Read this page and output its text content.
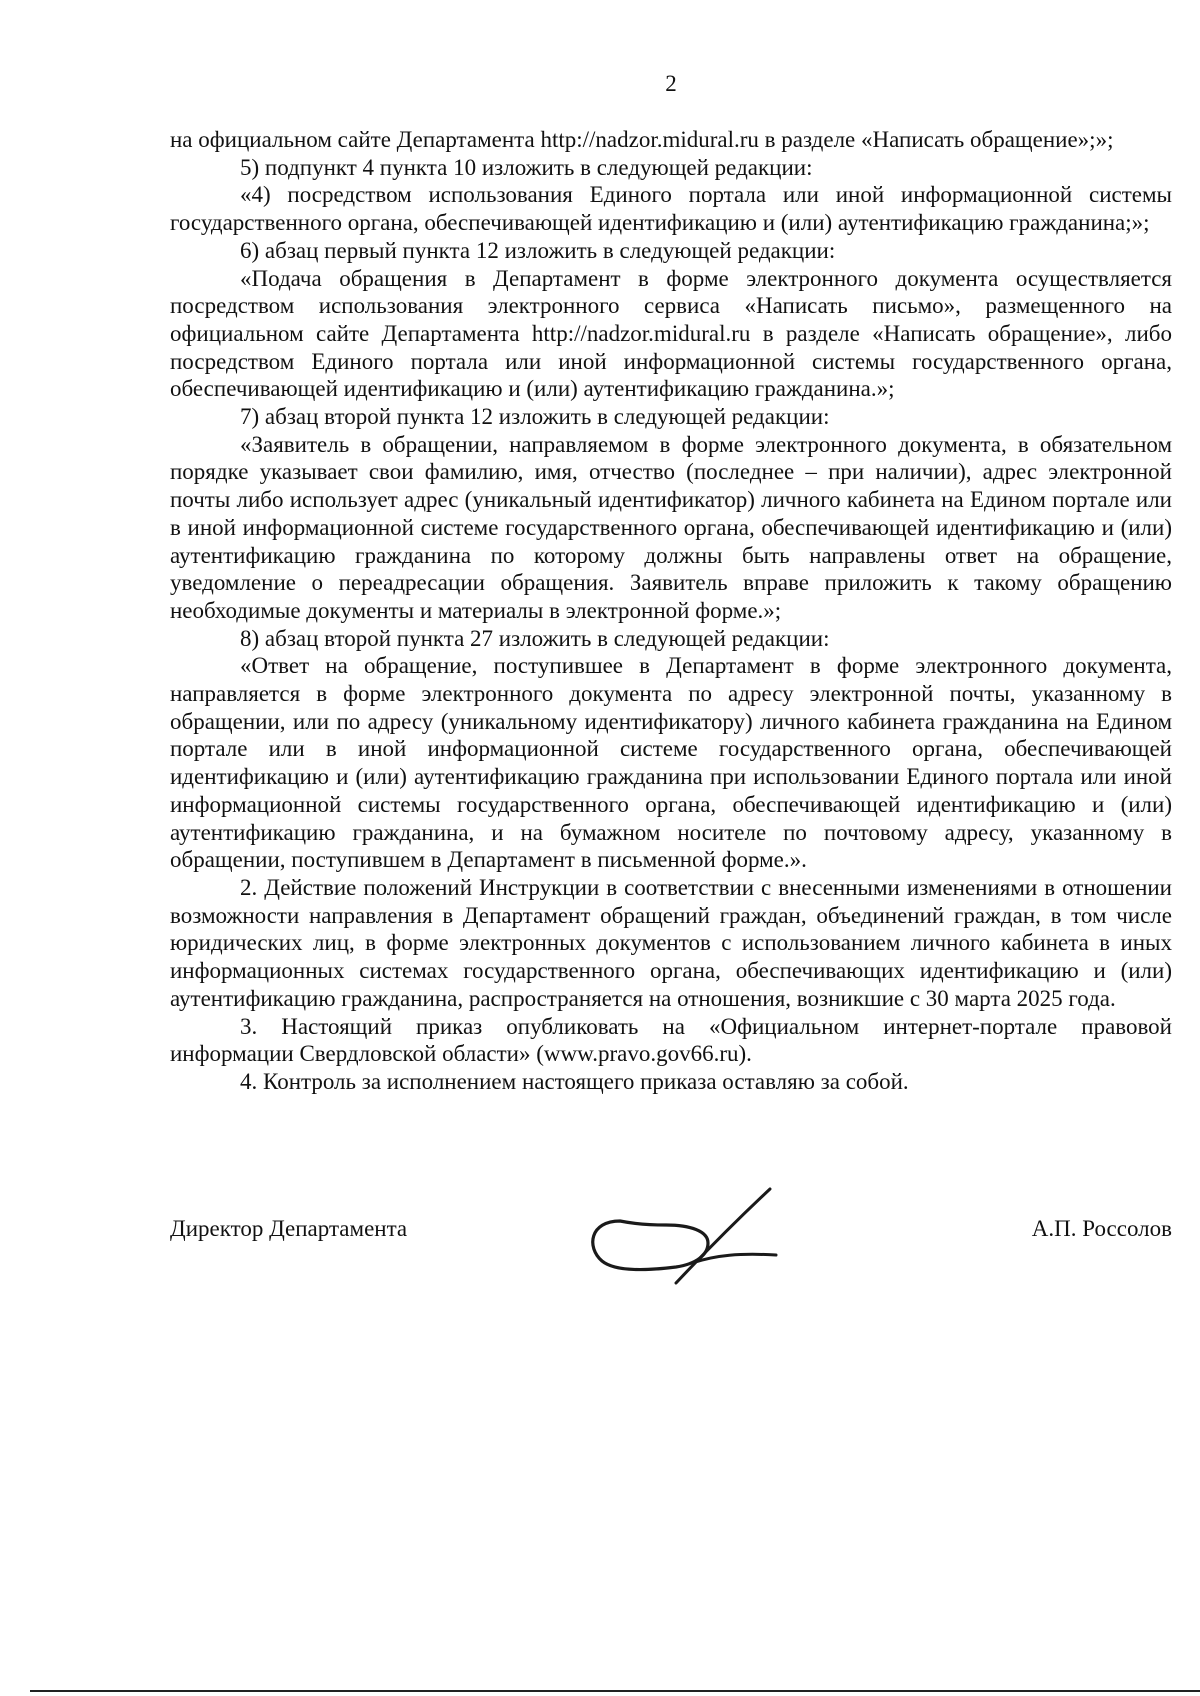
2

на официальном сайте Департамента http://nadzor.midural.ru в разделе «Написать обращение»;»;

5) подпункт 4 пункта 10 изложить в следующей редакции:

«4) посредством использования Единого портала или иной информационной системы государственного органа, обеспечивающей идентификацию и (или) аутентификацию гражданина;»;

6) абзац первый пункта 12 изложить в следующей редакции:

«Подача обращения в Департамент в форме электронного документа осуществляется посредством использования электронного сервиса «Написать письмо», размещенного на официальном сайте Департамента http://nadzor.midural.ru в разделе «Написать обращение», либо посредством Единого портала или иной информационной системы государственного органа, обеспечивающей идентификацию и (или) аутентификацию гражданина.»;

7) абзац второй пункта 12 изложить в следующей редакции:

«Заявитель в обращении, направляемом в форме электронного документа, в обязательном порядке указывает свои фамилию, имя, отчество (последнее – при наличии), адрес электронной почты либо использует адрес (уникальный идентификатор) личного кабинета на Едином портале или в иной информационной системе государственного органа, обеспечивающей идентификацию и (или) аутентификацию гражданина по которому должны быть направлены ответ на обращение, уведомление о переадресации обращения. Заявитель вправе приложить к такому обращению необходимые документы и материалы в электронной форме.»;

8) абзац второй пункта 27 изложить в следующей редакции:

«Ответ на обращение, поступившее в Департамент в форме электронного документа, направляется в форме электронного документа по адресу электронной почты, указанному в обращении, или по адресу (уникальному идентификатору) личного кабинета гражданина на Едином портале или в иной информационной системе государственного органа, обеспечивающей идентификацию и (или) аутентификацию гражданина при использовании Единого портала или иной информационной системы государственного органа, обеспечивающей идентификацию и (или) аутентификацию гражданина, и на бумажном носителе по почтовому адресу, указанному в обращении, поступившем в Департамент в письменной форме.».

2. Действие положений Инструкции в соответствии с внесенными изменениями в отношении возможности направления в Департамент обращений граждан, объединений граждан, в том числе юридических лиц, в форме электронных документов с использованием личного кабинета в иных информационных системах государственного органа, обеспечивающих идентификацию и (или) аутентификацию гражданина, распространяется на отношения, возникшие с 30 марта 2025 года.

3. Настоящий приказ опубликовать на «Официальном интернет-портале правовой информации Свердловской области» (www.pravo.gov66.ru).

4. Контроль за исполнением настоящего приказа оставляю за собой.

Директор Департамента	А.П. Россолов
